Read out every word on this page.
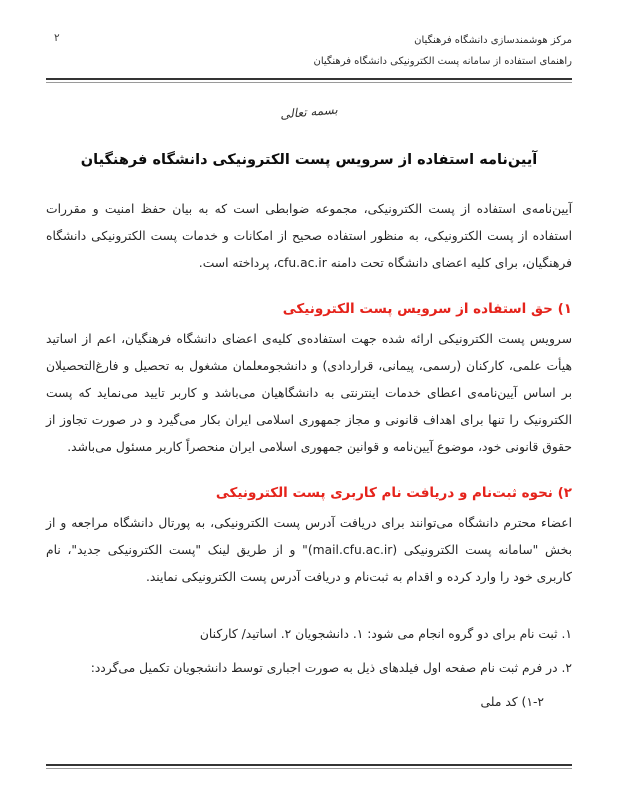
۲	مرکز هوشمندسازی دانشگاه فرهنگیان
راهنمای استفاده از سامانه پست الکترونیکی دانشگاه فرهنگیان
بسمه تعالی
آیین‌نامه استفاده از سرویس پست الکترونیکی دانشگاه فرهنگیان

آیین‌نامه‌ی استفاده از پست الکترونیکی، مجموعه ضوابطی است که به بیان حفظ امنیت و مقررات استفاده از پست الکترونیکی، به منظور استفاده صحیح از امکانات و خدمات پست الکترونیکی دانشگاه فرهنگیان، برای کلیه اعضای دانشگاه تحت دامنه cfu.ac.ir، پرداخته است.

۱) حق استفاده از سرویس پست الکترونیکی

سرویس پست الکترونیکی ارائه شده جهت استفاده‌ی کلیه‌ی اعضای دانشگاه فرهنگیان، اعم از اساتید هیأت علمی، کارکنان (رسمی، پیمانی، قراردادی) و دانشجومعلمان مشغول به تحصیل و فارغ‌التحصیلان بر اساس آیین‌نامه‌ی اعطای خدمات اینترنتی به دانشگاهیان می‌باشد و کاربر تایید می‌نماید که پست الکترونیک را تنها برای اهداف قانونی و مجاز جمهوری اسلامی ایران بکار می‌گیرد و در صورت تجاوز از حقوق قانونی خود، موضوع آیین‌نامه و قوانین جمهوری اسلامی ایران منحصراً کاربر مسئول می‌باشد.

۲) نحوه ثبت‌نام و دریافت نام کاربری پست الکترونیکی

اعضاء محترم دانشگاه می‌توانند برای دریافت آدرس پست الکترونیکی، به پورتال دانشگاه مراجعه و از بخش "سامانه پست الکترونیکی (mail.cfu.ac.ir)" و از طریق لینک "پست الکترونیکی جدید"، نام کاربری خود را وارد کرده و اقدام به ثبت‌نام و دریافت آدرس پست الکترونیکی نمایند.

۱. ثبت نام برای دو گروه انجام می شود: ۱. دانشجویان ۲. اساتید/ کارکنان

۲. در فرم ثبت نام صفحه اول فیلدهای ذیل به صورت اجباری توسط دانشجویان تکمیل می‌گردد:

۱-۲) کد ملی
